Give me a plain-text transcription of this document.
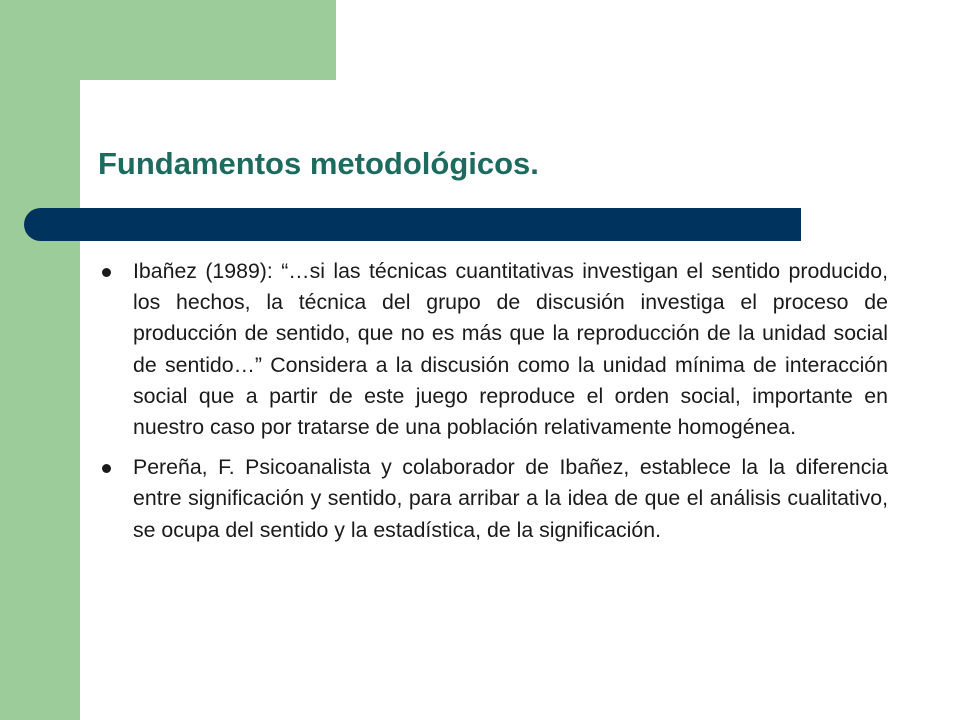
Fundamentos metodológicos.
Ibañez (1989): “…si las técnicas cuantitativas investigan el sentido producido, los hechos, la técnica del grupo de discusión investiga el proceso de producción de sentido, que no es más que la reproducción de la unidad social de sentido…” Considera a la discusión como la unidad mínima de interacción social que a partir de este juego reproduce el orden social, importante en nuestro caso por tratarse de una población relativamente homogénea.
Pereña, F. Psicoanalista y colaborador de Ibañez, establece la la diferencia entre significación y sentido, para arribar a la idea de que el análisis cualitativo, se ocupa del sentido y la estadística, de la significación.
